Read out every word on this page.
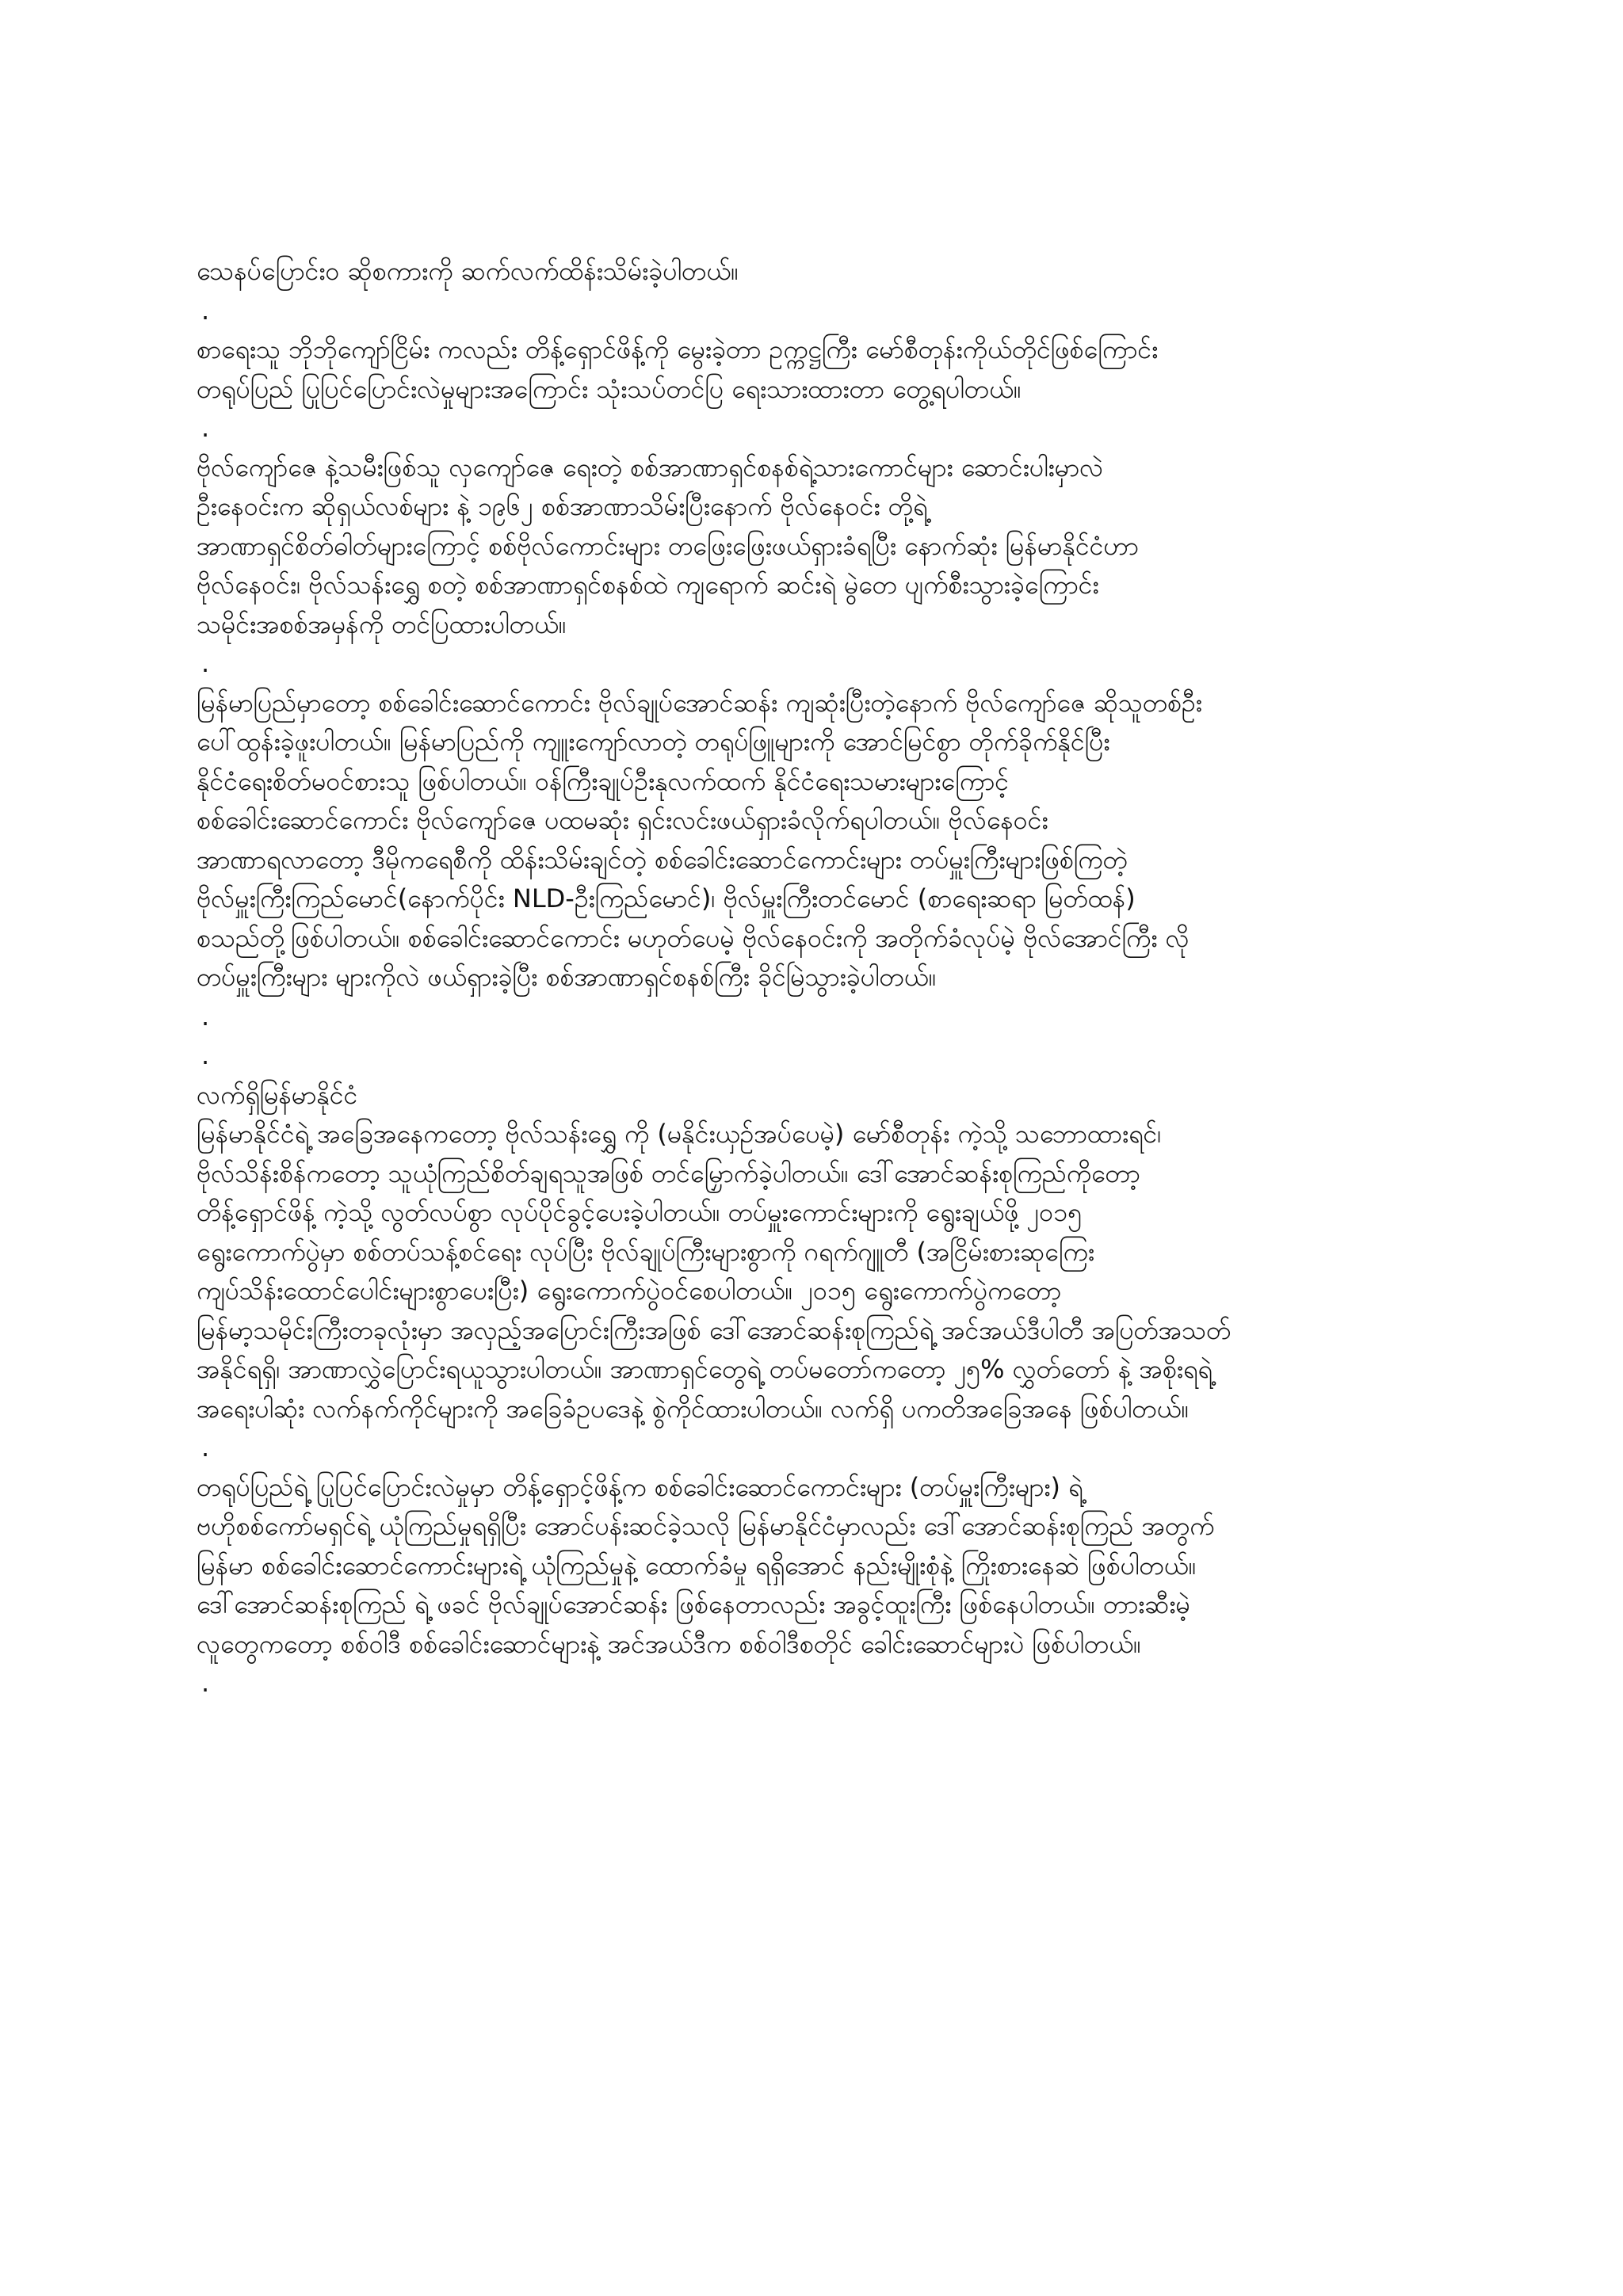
သေနပ်ပြောင်း၀ ဆိုစကားကို ဆက်လက်ထိန်းသိမ်းခဲ့ပါတယ်။
.
စာရေးသူ ဘိုဘိုကျော်ငြိမ်း ကလည်း တိန့်ရှောင်ဖိန့်ကို မွေးခဲ့တာ ဥက္ကဋ္ဌကြီး မော်စီတုန်းကိုယ်တိုင်ဖြစ်ကြောင်း
တရုပ်ပြည် ပြုပြင်ပြောင်းလဲမှုများအကြောင်း သုံးသပ်တင်ပြ ရေးသားထားတာ တွေ့ရပါတယ်။
.
ဗိုလ်ကျော်ဇေ နဲ့သမီးဖြစ်သူ လှကျော်ဇေ ရေးတဲ့ စစ်အာဏာရှင်စနစ်ရဲ့သားကောင်များ ဆောင်းပါးမှာလဲ
ဦးနေဝင်းက ဆိုရှယ်လစ်များ နဲ့ ၁၉၆၂ စစ်အာဏာသိမ်းပြီးနောက် ဗိုလ်နေဝင်း တို့ရဲ့
အာဏာရှင်စိတ်ဓါတ်များကြောင့် စစ်ဗိုလ်ကောင်းများ တဖြေးဖြေးဖယ်ရှားခံရပြီး နောက်ဆုံး မြန်မာနိုင်ငံဟာ
ဗိုလ်နေဝင်း၊ ဗိုလ်သန်းရွှေ စတဲ့ စစ်အာဏာရှင်စနစ်ထဲ ကျရောက် ဆင်းရဲ မွဲတေ ပျက်စီးသွားခဲ့ကြောင်း
သမိုင်းအစစ်အမှန်ကို တင်ပြထားပါတယ်။
.
မြန်မာပြည်မှာတော့ စစ်ခေါင်းဆောင်ကောင်း ဗိုလ်ချုပ်အောင်ဆန်း ကျဆုံးပြီးတဲ့နောက် ဗိုလ်ကျော်ဇေ ဆိုသူတစ်ဦး
ပေါ်ထွန်းခဲ့ဖူးပါတယ်။ မြန်မာပြည်ကို ကျူးကျော်လာတဲ့ တရုပ်ဖြူများကို အောင်မြင်စွာ တိုက်ခိုက်နိုင်ပြီး
နိုင်ငံရေးစိတ်မ၀င်စားသူ ဖြစ်ပါတယ်။ ဝန်ကြီးချုပ်ဦးနုလက်ထက် နိုင်ငံရေးသမားများကြောင့်
စစ်ခေါင်းဆောင်ကောင်း ဗိုလ်ကျော်ဇေ ပထမဆုံး ရှင်းလင်းဖယ်ရှားခံလိုက်ရပါတယ်။ ဗိုလ်နေဝင်း
အာဏာရလာတော့ ဒီမိုကရေစီကို ထိန်းသိမ်းချင်တဲ့ စစ်ခေါင်းဆောင်ကောင်းများ တပ်မှူးကြီးများဖြစ်ကြတဲ့
ဗိုလ်မှူးကြီးကြည်မောင်(နောက်ပိုင်း NLD-ဦးကြည်မောင်)၊ ဗိုလ်မှူးကြီးတင်မောင် (စာရေးဆရာ မြတ်ထန်)
စသည်တို့ဖြစ်ပါတယ်။ စစ်ခေါင်းဆောင်ကောင်း မဟုတ်ပေမဲ့ ဗိုလ်နေဝင်းကို အတိုက်ခံလုပ်မဲ့ ဗိုလ်အောင်ကြီး လို
တပ်မှူးကြီးများ များကိုလဲ ဖယ်ရှားခဲ့ပြီး စစ်အာဏာရှင်စနစ်ကြီး ခိုင်မြဲသွားခဲ့ပါတယ်။
.
.
လက်ရှိမြန်မာနိုင်ငံ
မြန်မာနိုင်ငံရဲ့ အခြေအနေကတော့ ဗိုလ်သန်းရွှေ ကို (မနိုင်းယှဉ်အပ်ပေမဲ့) မော်စီတုန်း ကဲ့သို့ သဘောထားရင်၊
ဗိုလ်သိန်းစိန်ကတော့ သူယုံကြည်စိတ်ချရသူအဖြစ် တင်မြှောက်ခဲ့ပါတယ်။ ဒေါ်အောင်ဆန်းစုကြည်ကိုတော့
တိန့်ရှောင်ဖိန့် ကဲ့သို့ လွတ်လပ်စွာ လုပ်ပိုင်ခွင့်ပေးခဲ့ပါတယ်။ တပ်မှူးကောင်းများကို ရွေးချယ်ဖို့ ၂၀၁၅
ရွေးကောက်ပွဲမှာ စစ်တပ်သန့်စင်ရေး လုပ်ပြီး ဗိုလ်ချုပ်ကြီးများစွာကို ဂရက်ဂျူတီ (အငြိမ်းစားဆုကြေး
ကျပ်သိန်းထောင်ပေါင်းများစွာပေးပြီး) ရွေးကောက်ပွဲဝင်စေပါတယ်။ ၂၀၁၅ ရွေးကောက်ပွဲကတော့
မြန်မာ့သမိုင်းကြီးတခုလုံးမှာ အလှည့်အပြောင်းကြီးအဖြစ် ဒေါ်အောင်ဆန်းစုကြည်ရဲ့ အင်အယ်ဒီပါတီ အပြတ်အသတ်
အနိုင်ရရှိ၊ အာဏာလွှဲပြောင်းရယူသွားပါတယ်။ အာဏာရှင်တွေရဲ့ တပ်မတော်ကတော့ ၂၅% လွှတ်တော် နဲ့ အစိုးရရဲ့
အရေးပါဆုံး လက်နက်ကိုင်များကို အခြေခံဥပဒေနဲ့ စွဲကိုင်ထားပါတယ်။ လက်ရှိ ပကတိအခြေအနေ ဖြစ်ပါတယ်။
.
တရုပ်ပြည်ရဲ့ ပြုပြင်ပြောင်းလဲမှုမှာ တိန့်ရှောင့်ဖိန့်က စစ်ခေါင်းဆောင်ကောင်းများ (တပ်မှူးကြီးများ) ရဲ့
ဗဟိုစစ်ကော်မရှင်ရဲ့ ယုံကြည်မှုရရှိပြီး အောင်ပန်းဆင်ခဲ့သလို မြန်မာနိုင်ငံမှာလည်း ဒေါ်အောင်ဆန်းစုကြည် အတွက်
မြန်မာ စစ်ခေါင်းဆောင်ကောင်းများရဲ့ ယုံကြည်မှုနဲ့ ထောက်ခံမှု ရရှိအောင် နည်းမျိုးစုံနဲ့ ကြိုးစားနေဆဲ ဖြစ်ပါတယ်။
ဒေါ်အောင်ဆန်းစုကြည် ရဲ့ ဖခင် ဗိုလ်ချုပ်အောင်ဆန်း ဖြစ်နေတာလည်း အခွင့်ထူးကြီး ဖြစ်နေပါတယ်။ တားဆီးမဲ့
လူတွေကတော့ စစ်ဝါဒီ စစ်ခေါင်းဆောင်များနဲ့ အင်အယ်ဒီက စစ်ဝါဒီစတိုင် ခေါင်းဆောင်များပဲ ဖြစ်ပါတယ်။
.
